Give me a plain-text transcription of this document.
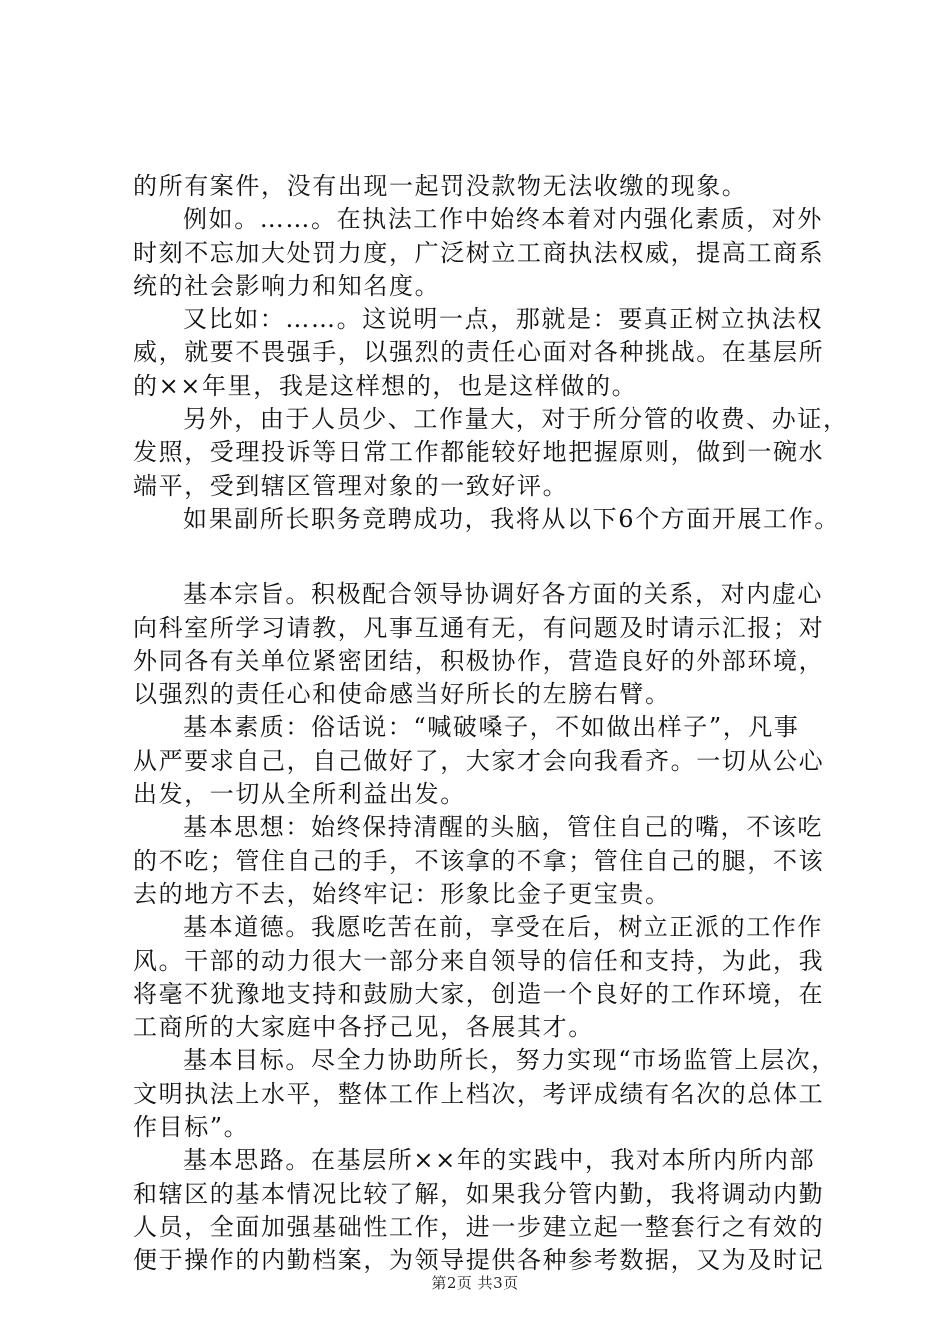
的所有案件，没有出现一起罚没款物无法收缴的现象。
例如。……。在执法工作中始终本着对内强化素质，对外
时刻不忘加大处罚力度，广泛树立工商执法权威，提高工商系
统的社会影响力和知名度。
又比如：……。这说明一点，那就是：要真正树立执法权
威，就要不畏强手，以强烈的责任心面对各种挑战。在基层所
的××年里，我是这样想的，也是这样做的。
另外，由于人员少、工作量大，对于所分管的收费、办证，
发照，受理投诉等日常工作都能较好地把握原则，做到一碗水
端平，受到辖区管理对象的一致好评。
如果副所长职务竞聘成功，我将从以下6个方面开展工作。
基本宗旨。积极配合领导协调好各方面的关系，对内虚心
向科室所学习请教，凡事互通有无，有问题及时请示汇报；对
外同各有关单位紧密团结，积极协作，营造良好的外部环境，
以强烈的责任心和使命感当好所长的左膀右臂。
基本素质：俗话说：“喊破嗓子，不如做出样子”，凡事
从严要求自己，自己做好了，大家才会向我看齐。一切从公心
出发，一切从全所利益出发。
基本思想：始终保持清醒的头脑，管住自己的嘴，不该吃
的不吃；管住自己的手，不该拿的不拿；管住自己的腿，不该
去的地方不去，始终牢记：形象比金子更宝贵。
基本道德。我愿吃苦在前，享受在后，树立正派的工作作
风。干部的动力很大一部分来自领导的信任和支持，为此，我
将毫不犹豫地支持和鼓励大家，创造一个良好的工作环境，在
工商所的大家庭中各抒己见，各展其才。
基本目标。尽全力协助所长，努力实现“市场监管上层次，
文明执法上水平，整体工作上档次，考评成绩有名次的总体工
作目标”。
基本思路。在基层所××年的实践中，我对本所内所内部
和辖区的基本情况比较了解，如果我分管内勤，我将调动内勤
人员，全面加强基础性工作，进一步建立起一整套行之有效的
便于操作的内勤档案，为领导提供各种参考数据，又为及时记
第2页 共3页
